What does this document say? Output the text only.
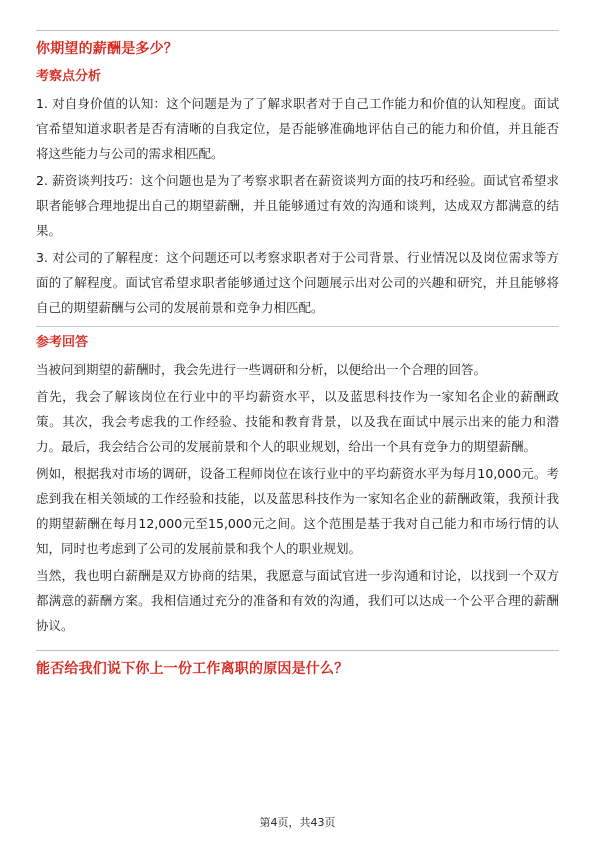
你期望的薪酬是多少？
考察点分析
1. 对自身价值的认知：这个问题是为了了解求职者对于自己工作能力和价值的认知程度。面试官希望知道求职者是否有清晰的自我定位，是否能够准确地评估自己的能力和价值，并且能否将这些能力与公司的需求相匹配。
2. 薪资谈判技巧：这个问题也是为了考察求职者在薪资谈判方面的技巧和经验。面试官希望求职者能够合理地提出自己的期望薪酬，并且能够通过有效的沟通和谈判，达成双方都满意的结果。
3. 对公司的了解程度：这个问题还可以考察求职者对于公司背景、行业情况以及岗位需求等方面的了解程度。面试官希望求职者能够通过这个问题展示出对公司的兴趣和研究，并且能够将自己的期望薪酬与公司的发展前景和竞争力相匹配。
参考回答
当被问到期望的薪酬时，我会先进行一些调研和分析，以便给出一个合理的回答。
首先，我会了解该岗位在行业中的平均薪资水平，以及蓝思科技作为一家知名企业的薪酬政策。其次，我会考虑我的工作经验、技能和教育背景，以及我在面试中展示出来的能力和潜力。最后，我会结合公司的发展前景和个人的职业规划，给出一个具有竞争力的期望薪酬。
例如，根据我对市场的调研，设备工程师岗位在该行业中的平均薪资水平为每月10,000元。考虑到我在相关领域的工作经验和技能，以及蓝思科技作为一家知名企业的薪酬政策，我预计我的期望薪酬在每月12,000元至15,000元之间。这个范围是基于我对自己能力和市场行情的认知，同时也考虑到了公司的发展前景和我个人的职业规划。
当然，我也明白薪酬是双方协商的结果，我愿意与面试官进一步沟通和讨论，以找到一个双方都满意的薪酬方案。我相信通过充分的准备和有效的沟通，我们可以达成一个公平合理的薪酬协议。
能否给我们说下你上一份工作离职的原因是什么？
第4页，共43页
